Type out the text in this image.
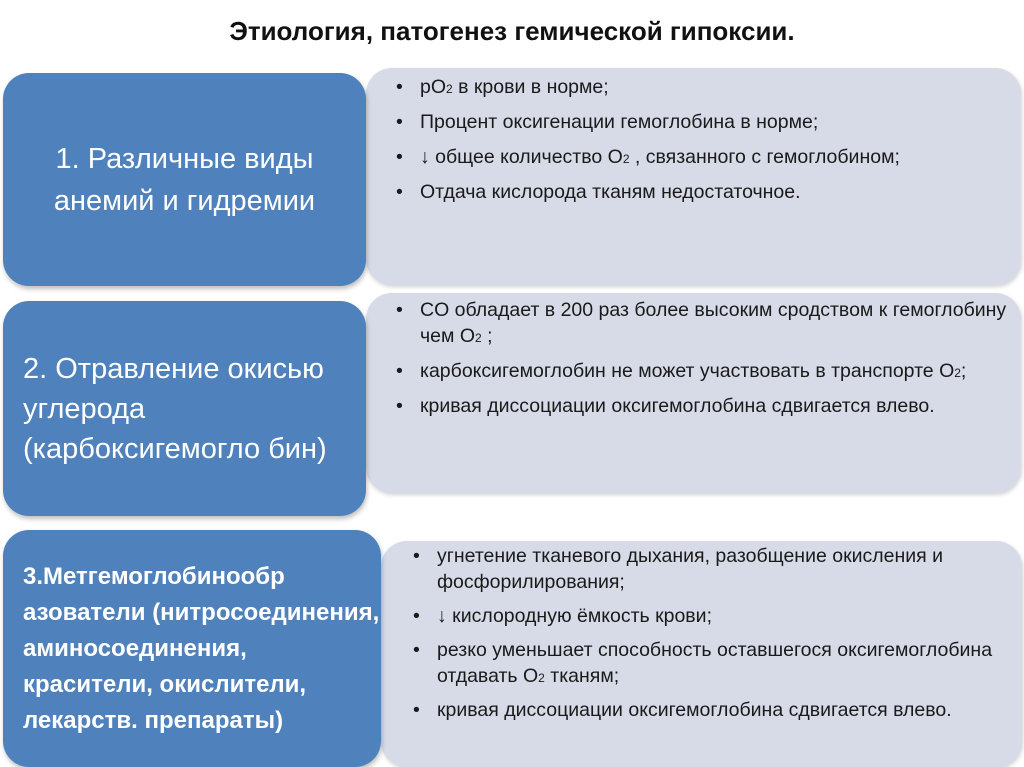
Этиология, патогенез гемической гипоксии.
• рO2 в крови в норме;
• Процент оксигенации гемоглобина в норме;
• ↓ общее количество O2 , связанного с гемоглобином;
• Отдача кислорода тканям недостаточное.
1. Различные виды анемий и гидремии
• CO обладает в 200 раз более высоким сродством к гемоглобину чем O2 ;
• карбоксигемоглобин не может участвовать в транспорте O2;
• кривая диссоциации оксигемоглобина сдвигается влево.
2. Отравление окисью углерода (карбоксигемогло бин)
• угнетение тканевого дыхания, разобщение окисления и фосфорилирования;
• ↓ кислородную ёмкость крови;
• резко уменьшает способность оставшегося оксигемоглобина отдавать O2 тканям;
• кривая диссоциации оксигемоглобина сдвигается влево.
3.Метгемоглобинообр азователи (нитросоединения, аминосоединения, красители, окислители, лекарств. препараты)
